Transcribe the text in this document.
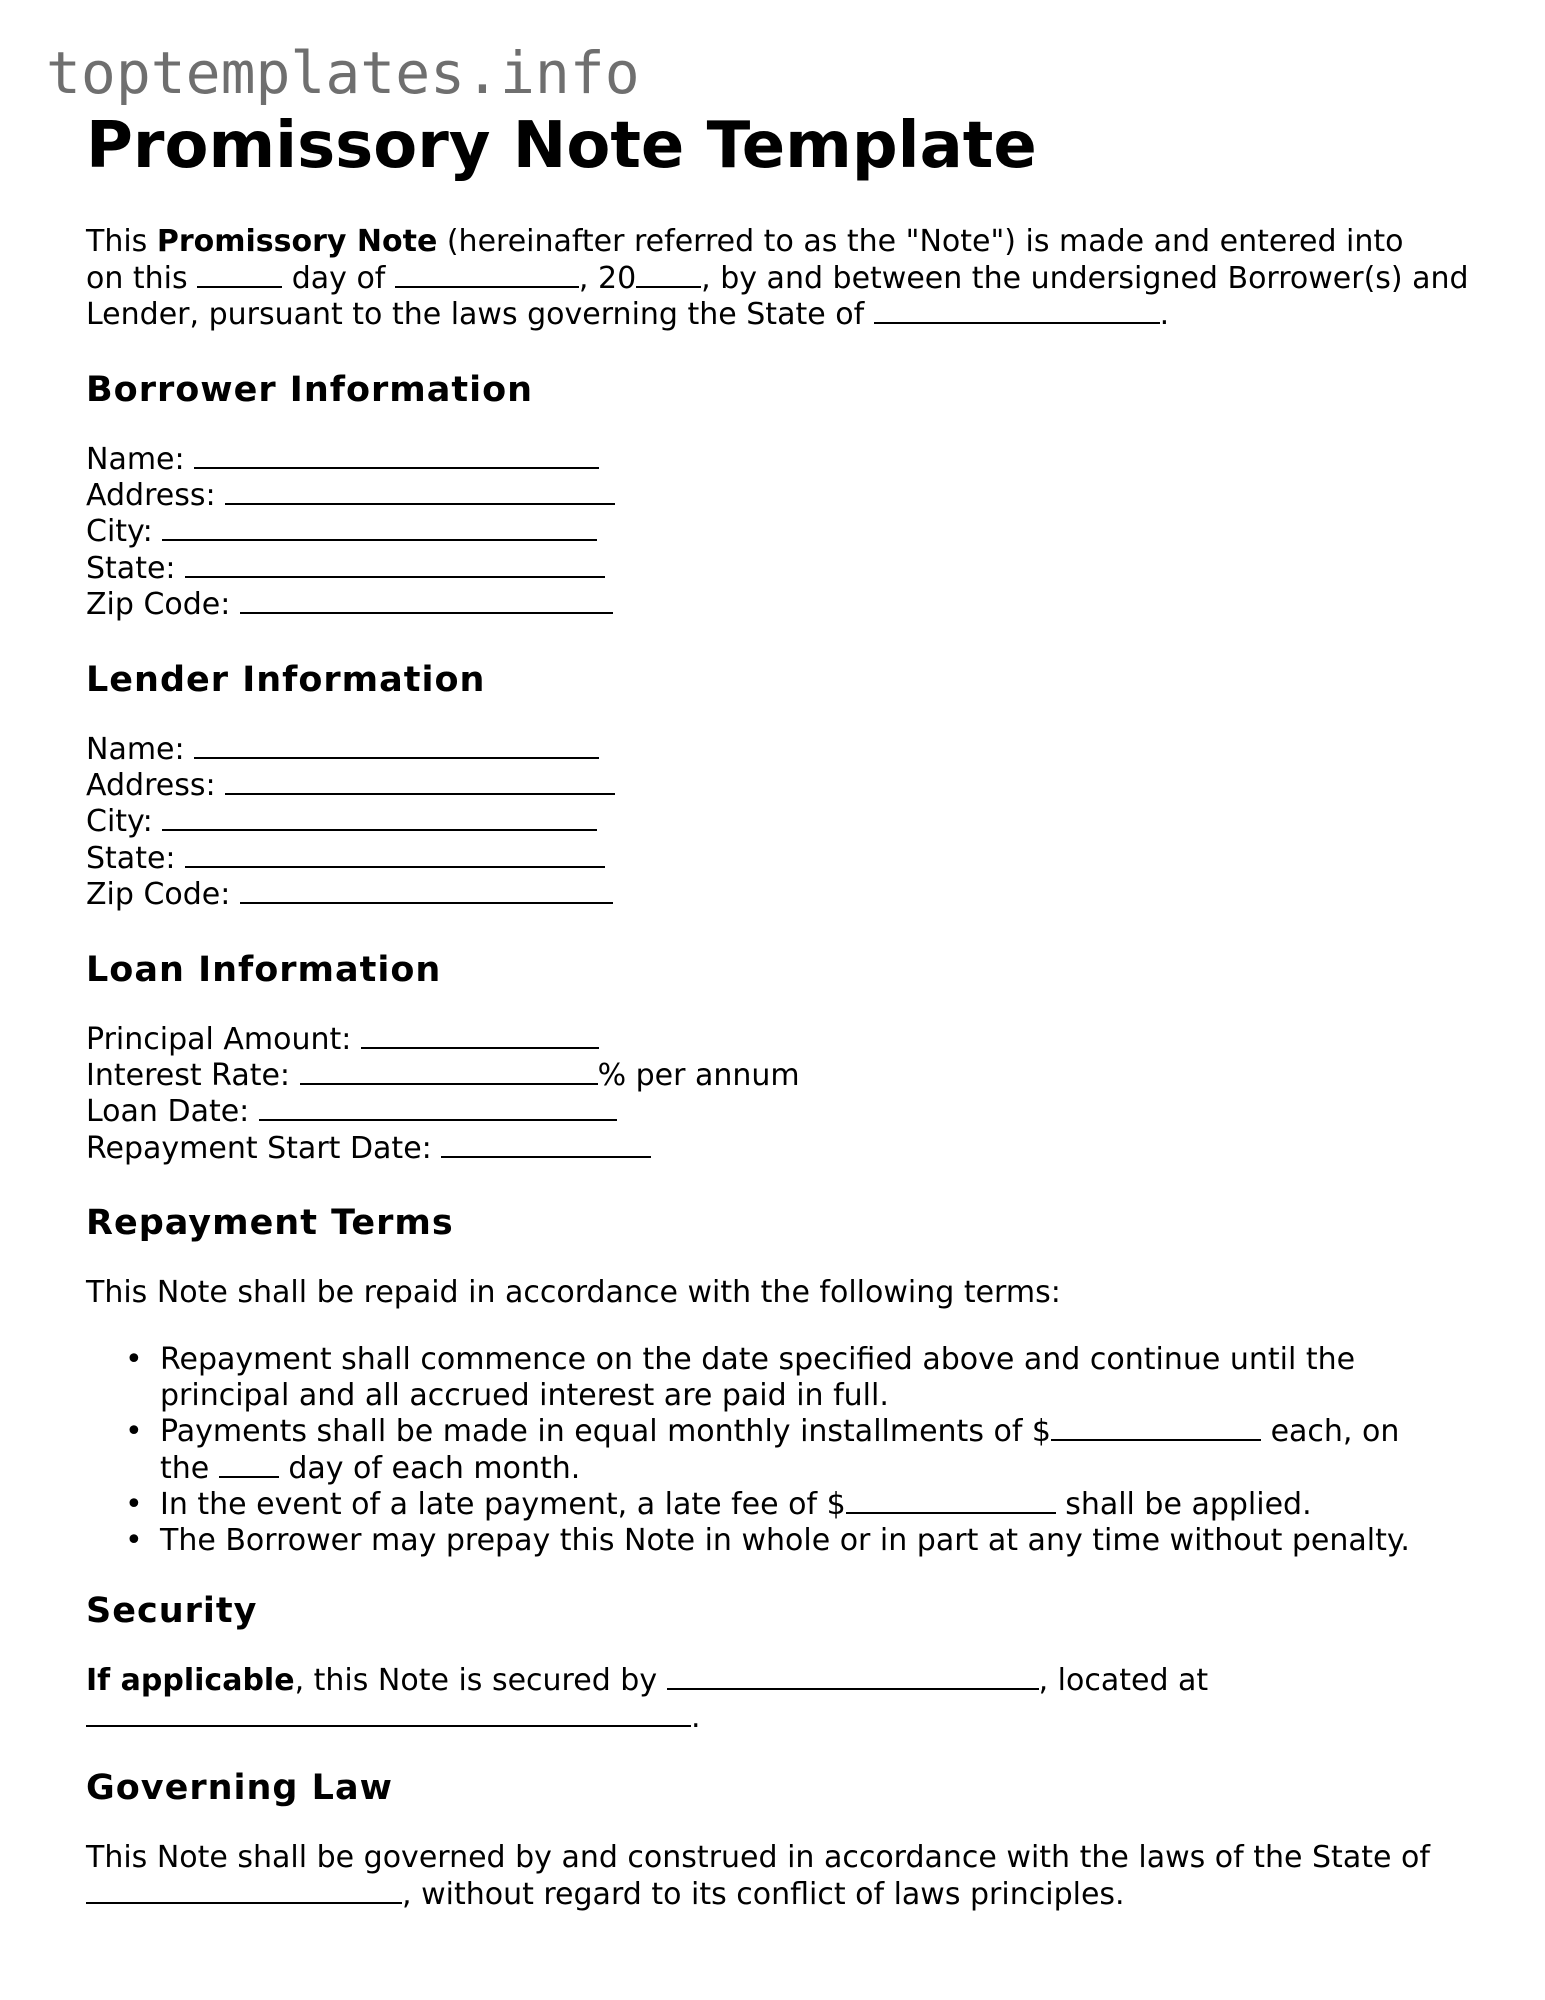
toptemplates.info
Promissory Note Template
This Promissory Note (hereinafter referred to as the "Note") is made and entered into
on this	day of	, 20 , by and between the undersigned Borrower(s) and
Lender, pursuant to the laws governing the State of	.
Borrower Information
Name:
Address:
City:
State:
Zip Code:
Lender Information
Name:
Address:
City:
State:
Zip Code:
Loan Information
Principal Amount:
Interest Rate:	% per annum
Loan Date:
Repayment Start Date:
Repayment Terms
This Note shall be repaid in accordance with the following terms:
• Repayment shall commence on the date specified above and continue until the
principal and all accrued interest are paid in full.
• Payments shall be made in equal monthly installments of $	each, on
the  day of each month.
• In the event of a late payment, a late fee of $	shall be applied.
• The Borrower may prepay this Note in whole or in part at any time without penalty.
Security
If applicable, this Note is secured by	, located at
.
Governing Law
This Note shall be governed by and construed in accordance with the laws of the State of
, without regard to its conflict of laws principles.
